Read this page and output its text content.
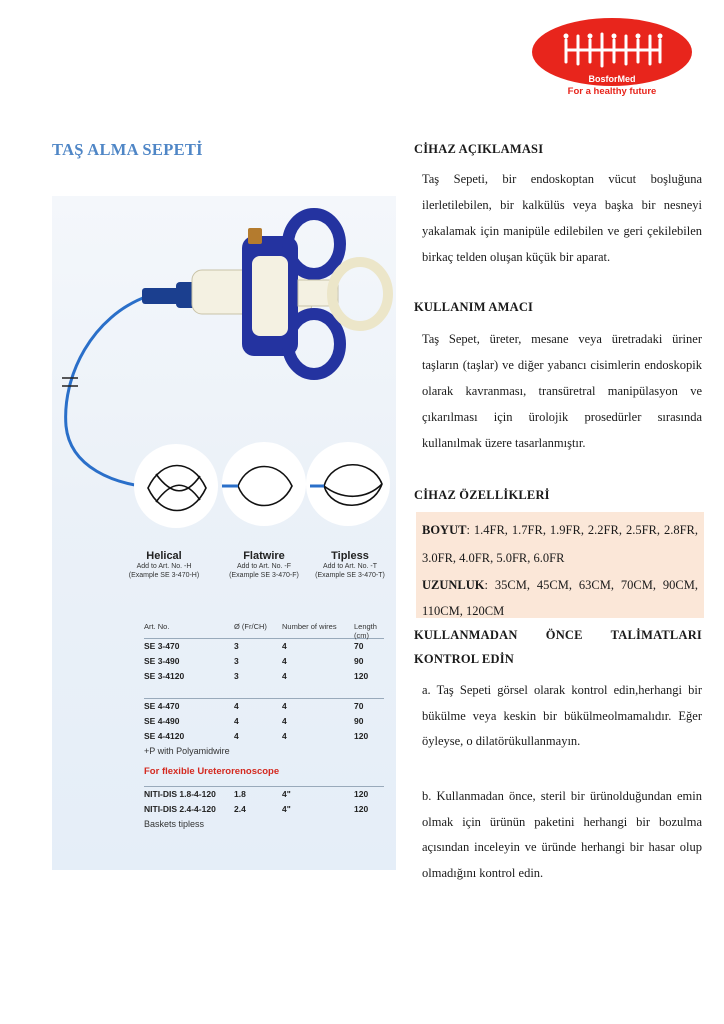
BosforMed
For a healthy future
TAŞ ALMA SEPETİ
Helical
Add to Art. No. -H
(Example SE 3-470-H)
Flatwire
Add to Art. No. -F
(Example SE 3-470-F)
Tipless
Add to Art. No. -T
(Example SE 3-470-T)
Art. No.	Ø (Fr/CH) Number of wires Length (cm)
SE 3-470	3	4	70
SE 3-490	3	4	90
SE 3-4120	3	4	120
SE 4-470	4	4	70
SE 4-490	4	4	90
SE 4-4120	4	4	120
+P with Polyamidwire
For flexible Ureterorenoscope
NITI-DIS 1.8-4-120 1.8	4"	120
NITI-DIS 2.4-4-120 2.4	4"	120
Baskets tipless
CİHAZ AÇIKLAMASI
Taş Sepeti, bir endoskoptan vücut boşluğuna ilerletilebilen, bir kalkülüs veya başka bir nesneyi yakalamak için manipüle edilebilen ve geri çekilebilen birkaç telden oluşan küçük bir aparat.
KULLANIM AMACI
Taş Sepet, üreter, mesane veya üretradaki üriner taşların (taşlar) ve diğer yabancı cisimlerin endoskopik olarak kavranması, transüretral manipülasyon ve çıkarılması için ürolojik prosedürler sırasında kullanılmak üzere tasarlanmıştır.
CİHAZ ÖZELLİKLERİ
BOYUT: 1.4FR, 1.7FR, 1.9FR, 2.2FR, 2.5FR, 2.8FR, 3.0FR, 4.0FR, 5.0FR, 6.0FR
UZUNLUK: 35CM, 45CM, 63CM, 70CM, 90CM, 110CM, 120CM
KULLANMADAN ÖNCE TALİMATLARI
KONTROL EDİN
a. Taş Sepeti görsel olarak kontrol edin,herhangi bir bükülme veya keskin bir bükülmeolmamalıdır. Eğer öyleyse, o dilatörükullanmayın.
b. Kullanmadan önce, steril bir ürünolduğundan emin olmak için ürünün paketini herhangi bir bozulma açısından inceleyin ve üründe herhangi bir hasar olup olmadığını kontrol edin.
